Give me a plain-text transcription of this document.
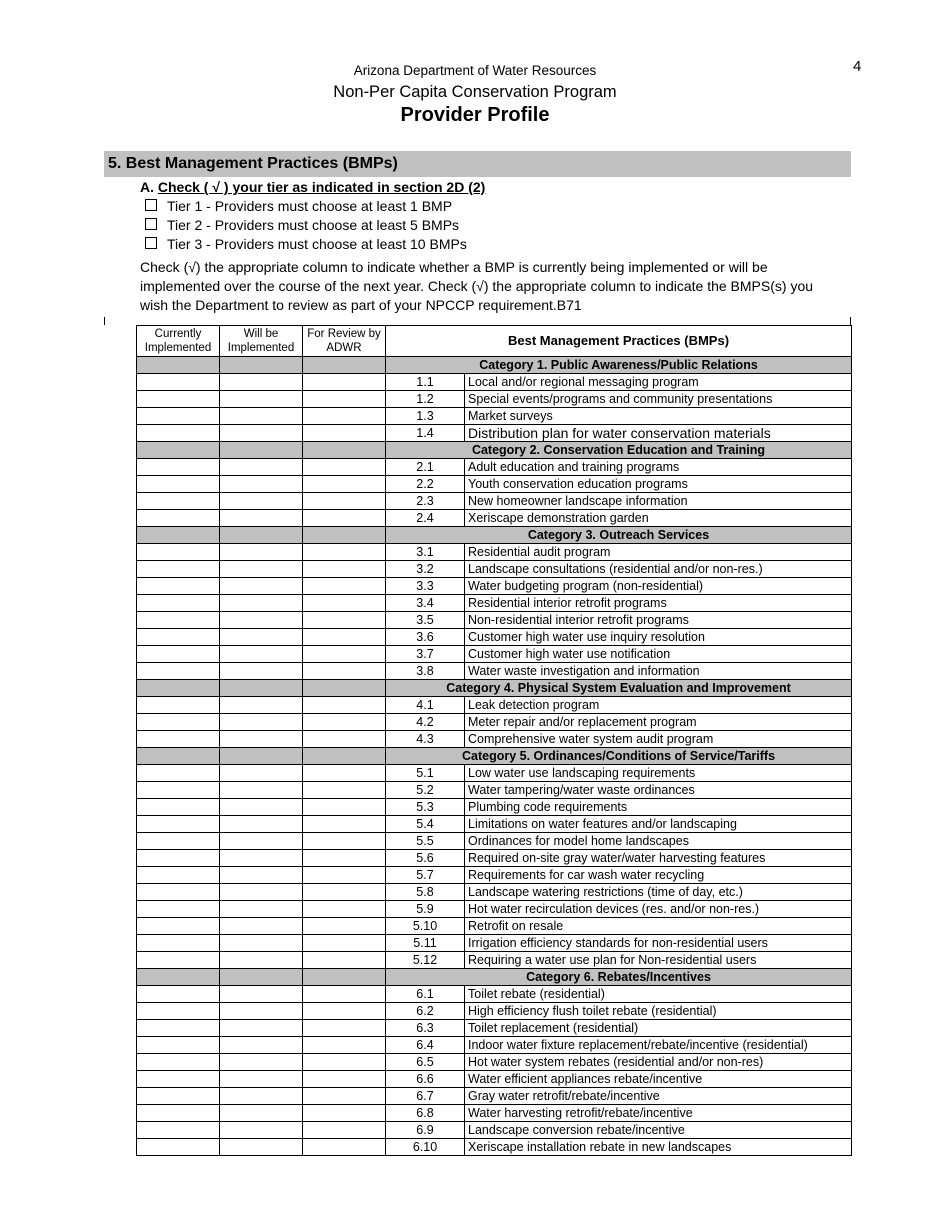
4
Arizona Department of Water Resources
Non-Per Capita Conservation Program
Provider Profile
5. Best Management Practices (BMPs)
A. Check ( √ ) your tier as indicated in section 2D (2)
Tier 1 - Providers must choose at least 1 BMP
Tier 2 - Providers must choose at least 5 BMPs
Tier 3 - Providers must choose at least 10 BMPs
Check (√) the appropriate column to indicate whether a BMP is currently being implemented or will be implemented over the course of the next year. Check (√) the appropriate column to indicate the BMPS(s) you wish the Department to review as part of your NPCCP requirement.B71
Currently Implemented	Will be Implemented	For Review by ADWR	Best Management Practices (BMPs)	
			Category 1. Public Awareness/Public Relations	
			1.1	Local and/or regional messaging program
			1.2	Special events/programs and community presentations
			1.3	Market surveys
			1.4	Distribution plan for water conservation materials
			Category 2. Conservation Education and Training	
			2.1	Adult education and training programs
			2.2	Youth conservation education programs
			2.3	New homeowner landscape information
			2.4	Xeriscape demonstration garden
			Category 3. Outreach Services	
			3.1	Residential audit program
			3.2	Landscape consultations (residential and/or non-res.)
			3.3	Water budgeting program (non-residential)
			3.4	Residential interior retrofit programs
			3.5	Non-residential interior retrofit programs
			3.6	Customer high water use inquiry resolution
			3.7	Customer high water use notification
			3.8	Water waste investigation and information
			Category 4. Physical System Evaluation and Improvement	
			4.1	Leak detection program
			4.2	Meter repair and/or replacement program
			4.3	Comprehensive water system audit program
			Category 5. Ordinances/Conditions of Service/Tariffs	
			5.1	Low water use landscaping requirements
			5.2	Water tampering/water waste ordinances
			5.3	Plumbing code requirements
			5.4	Limitations on water features and/or landscaping
			5.5	Ordinances for model home landscapes
			5.6	Required on-site gray water/water harvesting features
			5.7	Requirements for car wash water recycling
			5.8	Landscape watering restrictions (time of day, etc.)
			5.9	Hot water recirculation devices (res. and/or non-res.)
			5.10	Retrofit on resale
			5.11	Irrigation efficiency standards for non-residential users
			5.12	Requiring a water use plan for Non-residential users
			Category 6. Rebates/Incentives	
			6.1	Toilet rebate (residential)
			6.2	High efficiency flush toilet rebate (residential)
			6.3	Toilet replacement (residential)
			6.4	Indoor water fixture replacement/rebate/incentive (residential)
			6.5	Hot water system rebates (residential and/or non-res)
			6.6	Water efficient appliances rebate/incentive
			6.7	Gray water retrofit/rebate/incentive
			6.8	Water harvesting retrofit/rebate/incentive
			6.9	Landscape conversion rebate/incentive
			6.10	Xeriscape installation rebate in new landscapes
